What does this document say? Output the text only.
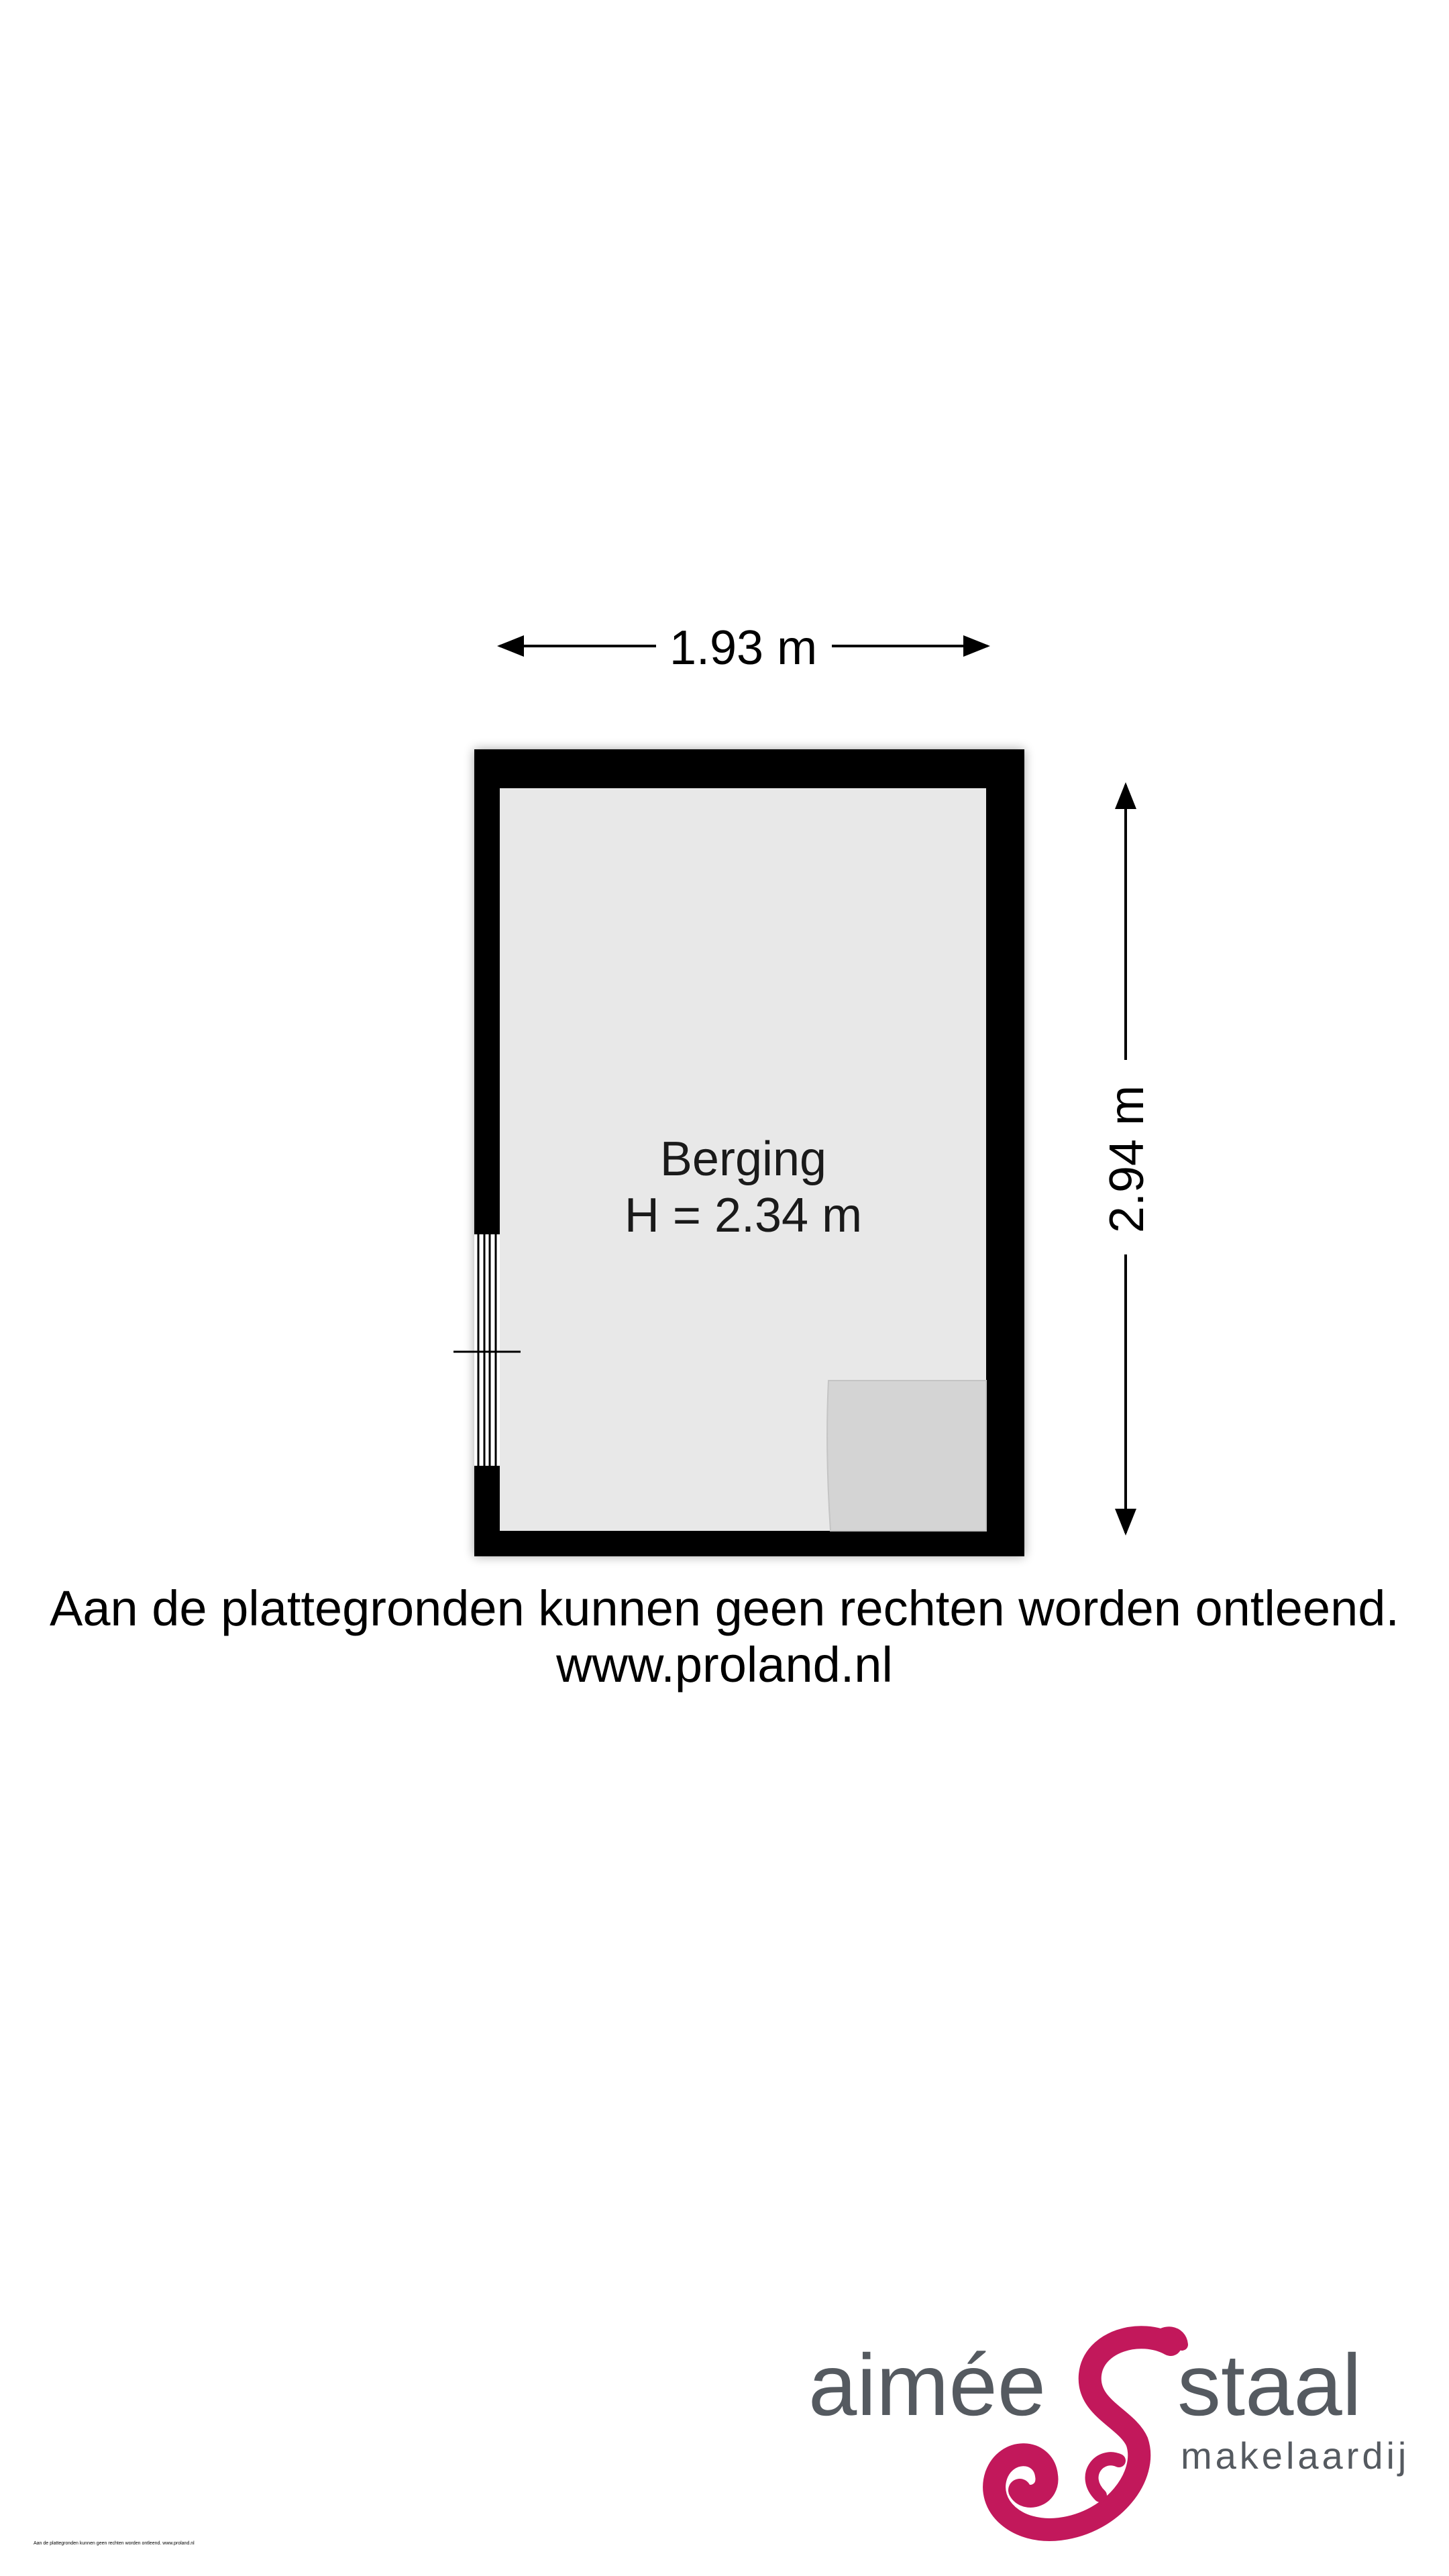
1.93 m
2.94 m
Berging
H = 2.34 m
aimée staal
makelaardij
Aan de plattegronden kunnen geen rechten worden ontleend.
www.proland.nl
Aan de plattegronden kunnen geen rechten worden ontleend. www.proland.nl
